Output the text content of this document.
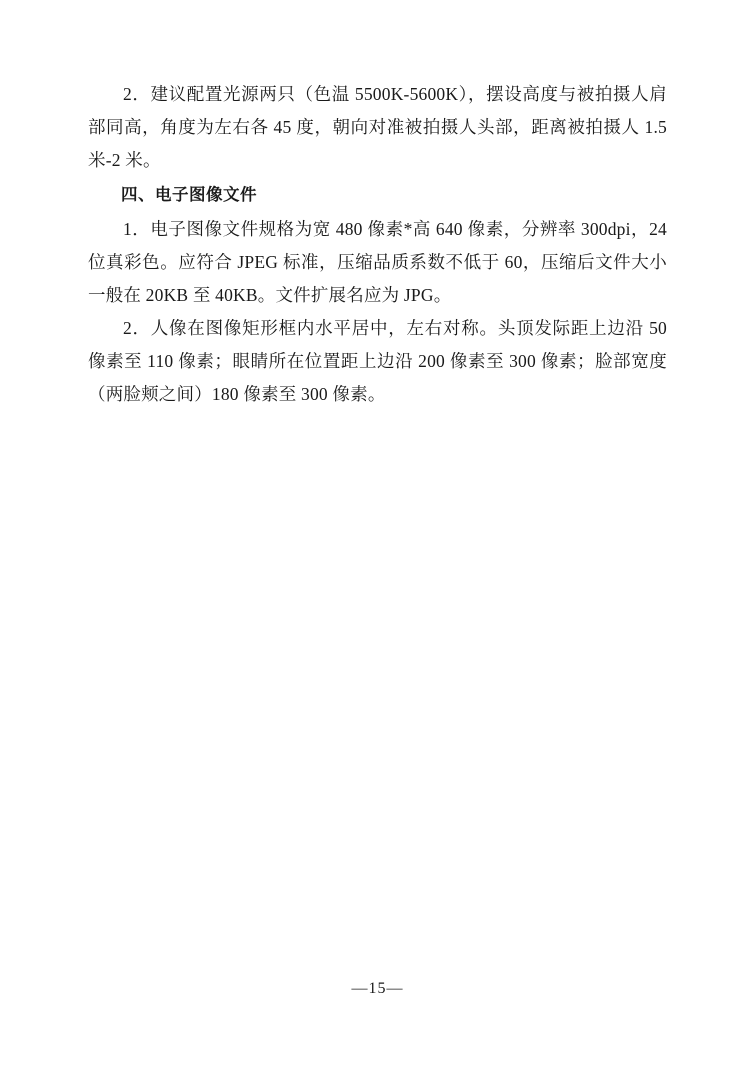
2．建议配置光源两只（色温 5500K-5600K），摆设高度与被拍摄人肩部同高，角度为左右各 45 度，朝向对准被拍摄人头部，距离被拍摄人 1.5 米-2 米。

四、电子图像文件

1．电子图像文件规格为宽 480 像素*高 640 像素，分辨率 300dpi，24 位真彩色。应符合 JPEG 标准，压缩品质系数不低于 60，压缩后文件大小一般在 20KB 至 40KB。文件扩展名应为 JPG。

2．人像在图像矩形框内水平居中，左右对称。头顶发际距上边沿 50 像素至 110 像素；眼睛所在位置距上边沿 200 像素至 300 像素；脸部宽度（两脸颊之间）180 像素至 300 像素。

—15—
